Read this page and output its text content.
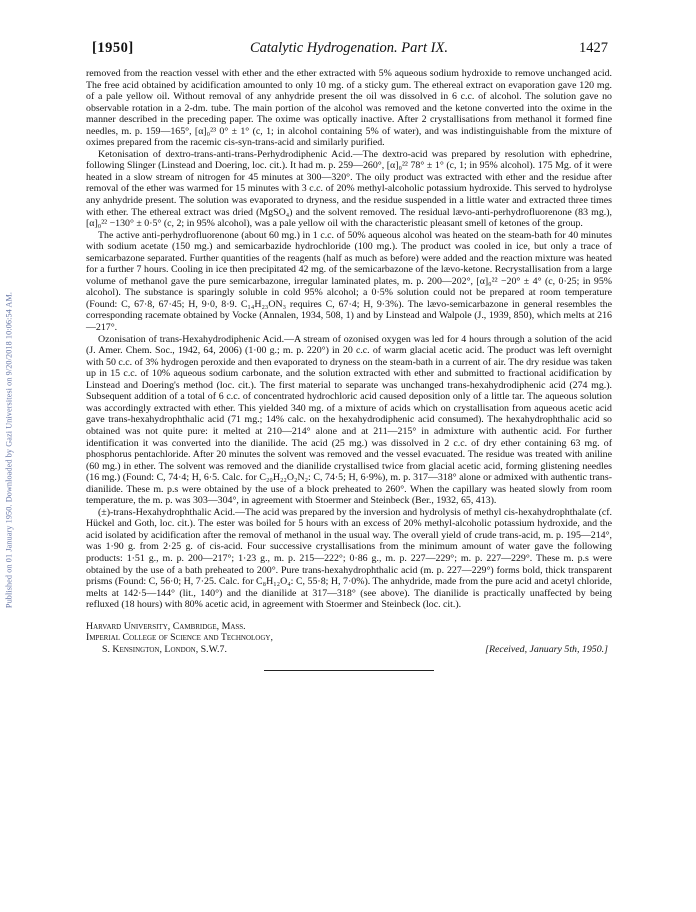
Published on 01 January 1950. Downloaded by Gazi Universitesi on 9/20/2018 10:06:54 AM.
[1950]	Catalytic Hydrogenation. Part IX.	1427

removed from the reaction vessel with ether and the ether extracted with 5% aqueous sodium hydroxide to remove unchanged acid. The free acid obtained by acidification amounted to only 10 mg. of a sticky gum. The ethereal extract on evaporation gave 120 mg. of a pale yellow oil. Without removal of any anhydride present the oil was dissolved in 6 c.c. of alcohol. The solution gave no observable rotation in a 2-dm. tube. The main portion of the alcohol was removed and the ketone converted into the oxime in the manner described in the preceding paper. The oxime was optically inactive. After 2 crystallisations from methanol it formed fine needles, m. p. 159—165°, [α]₀²³ 0° ± 1° (c, 1; in alcohol containing 5% of water), and was indistinguishable from the mixture of oximes prepared from the racemic cis-syn-trans-acid and similarly purified.

Ketonisation of dextro-trans-anti-trans-Perhydrodiphenic Acid.—The dextro-acid was prepared by resolution with ephedrine, following Slinger (Linstead and Doering, loc. cit.). It had m. p. 259—260°, [α]₀²² 78° ± 1° (c, 1; in 95% alcohol). 175 Mg. of it were heated in a slow stream of nitrogen for 45 minutes at 300—320°. The oily product was extracted with ether and the residue after removal of the ether was warmed for 15 minutes with 3 c.c. of 20% methyl-alcoholic potassium hydroxide. This served to hydrolyse any anhydride present. The solution was evaporated to dryness, and the residue suspended in a little water and extracted three times with ether. The ethereal extract was dried (MgSO₄) and the solvent removed. The residual lævo-anti-perhydrofluorenone (83 mg.), [α]₀²² −130° ± 0·5° (c, 2; in 95% alcohol), was a pale yellow oil with the characteristic pleasant smell of ketones of the group.

The active anti-perhydrofluorenone (about 60 mg.) in 1 c.c. of 50% aqueous alcohol was heated on the steam-bath for 40 minutes with sodium acetate (150 mg.) and semicarbazide hydrochloride (100 mg.). The product was cooled in ice, but only a trace of semicarbazone separated. Further quantities of the reagents (half as much as before) were added and the reaction mixture was heated for a further 7 hours. Cooling in ice then precipitated 42 mg. of the semicarbazone of the lævo-ketone. Recrystallisation from a large volume of methanol gave the pure semicarbazone, irregular laminated plates, m. p. 200—202°, [α]₀²² −20° ± 4° (c, 0·25; in 95% alcohol). The substance is sparingly soluble in cold 95% alcohol; a 0·5% solution could not be prepared at room temperature (Found: C, 67·8, 67·45; H, 9·0, 8·9. C₁₄H₂₃ON₃ requires C, 67·4; H, 9·3%). The lævo-semicarbazone in general resembles the corresponding racemate obtained by Vocke (Annalen, 1934, 508, 1) and by Linstead and Walpole (J., 1939, 850), which melts at 216—217°.

Ozonisation of trans-Hexahydrodiphenic Acid.—A stream of ozonised oxygen was led for 4 hours through a solution of the acid (J. Amer. Chem. Soc., 1942, 64, 2006) (1·00 g.; m. p. 220°) in 20 c.c. of warm glacial acetic acid. The product was left overnight with 50 c.c. of 3% hydrogen peroxide and then evaporated to dryness on the steam-bath in a current of air. The dry residue was taken up in 15 c.c. of 10% aqueous sodium carbonate, and the solution extracted with ether and submitted to fractional acidification by Linstead and Doering's method (loc. cit.). The first material to separate was unchanged trans-hexahydrodiphenic acid (274 mg.). Subsequent addition of a total of 6 c.c. of concentrated hydrochloric acid caused deposition only of a little tar. The aqueous solution was accordingly extracted with ether. This yielded 340 mg. of a mixture of acids which on crystallisation from aqueous acetic acid gave trans-hexahydrophthalic acid (71 mg.; 14% calc. on the hexahydrodiphenic acid consumed). The hexahydrophthalic acid so obtained was not quite pure: it melted at 210—214° alone and at 211—215° in admixture with authentic acid. For further identification it was converted into the dianilide. The acid (25 mg.) was dissolved in 2 c.c. of dry ether containing 63 mg. of phosphorus pentachloride. After 20 minutes the solvent was removed and the vessel evacuated. The residue was treated with aniline (60 mg.) in ether. The solvent was removed and the dianilide crystallised twice from glacial acetic acid, forming glistening needles (16 mg.) (Found: C, 74·4; H, 6·5. Calc. for C₂₀H₂₂O₂N₂: C, 74·5; H, 6·9%), m. p. 317—318° alone or admixed with authentic trans-dianilide. These m. p.s were obtained by the use of a block preheated to 260°. When the capillary was heated slowly from room temperature, the m. p. was 303—304°, in agreement with Stoermer and Steinbeck (Ber., 1932, 65, 413).

(±)-trans-Hexahydrophthalic Acid.—The acid was prepared by the inversion and hydrolysis of methyl cis-hexahydrophthalate (cf. Hückel and Goth, loc. cit.). The ester was boiled for 5 hours with an excess of 20% methyl-alcoholic potassium hydroxide, and the acid isolated by acidification after the removal of methanol in the usual way. The overall yield of crude trans-acid, m. p. 195—214°, was 1·90 g. from 2·25 g. of cis-acid. Four successive crystallisations from the minimum amount of water gave the following products: 1·51 g., m. p. 200—217°; 1·23 g., m. p. 215—222°; 0·86 g., m. p. 227—229°; m. p. 227—229°. These m. p.s were obtained by the use of a bath preheated to 200°. Pure trans-hexahydrophthalic acid (m. p. 227—229°) forms bold, thick transparent prisms (Found: C, 56·0; H, 7·25. Calc. for C₈H₁₂O₄: C, 55·8; H, 7·0%). The anhydride, made from the pure acid and acetyl chloride, melts at 142·5—144° (lit., 140°) and the dianilide at 317—318° (see above). The dianilide is practically unaffected by being refluxed (18 hours) with 80% acetic acid, in agreement with Stoermer and Steinbeck (loc. cit.).

Harvard University, Cambridge, Mass.
Imperial College of Science and Technology,
S. Kensington, London, S.W.7.	[Received, January 5th, 1950.]
